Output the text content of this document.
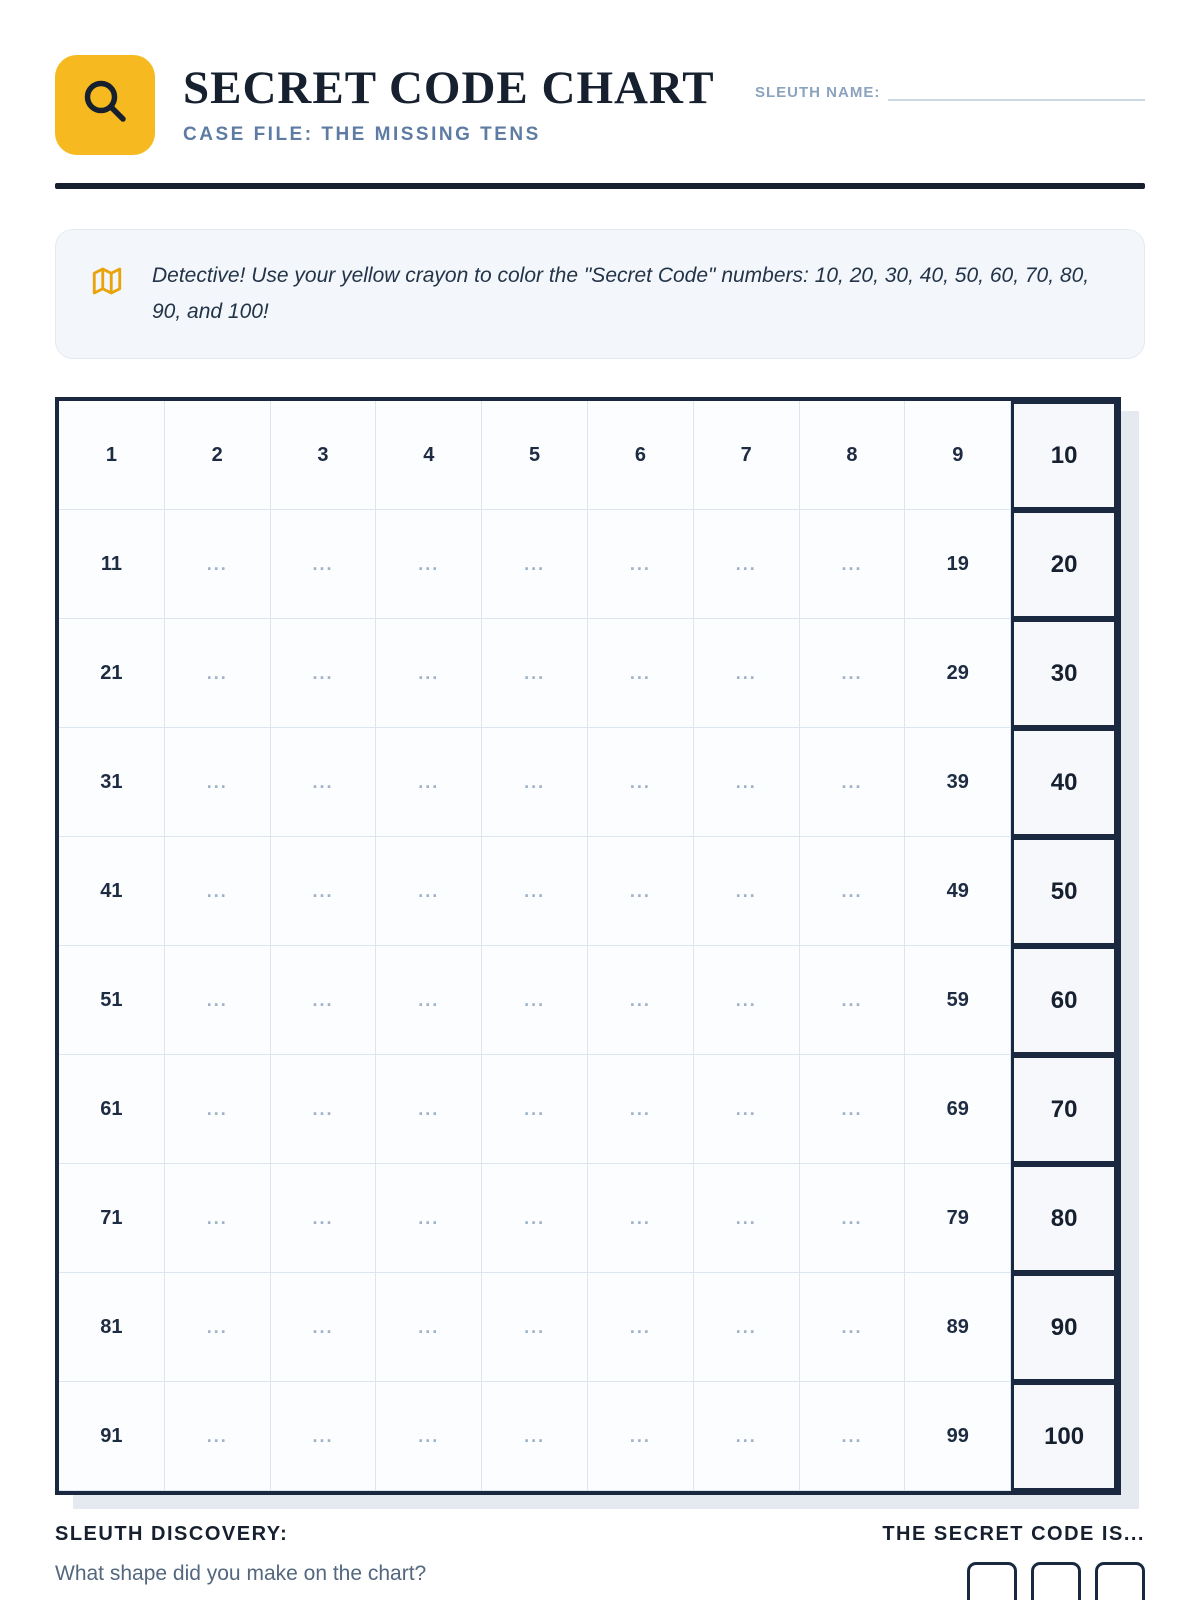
SECRET CODE CHART
CASE FILE: THE MISSING TENS
SLEUTH NAME:
Detective! Use your yellow crayon to color the "Secret Code" numbers: 10, 20, 30, 40, 50, 60, 70, 80, 90, and 100!
1	2	3	4	5	6	7	8	9	10
11	...	...	...	...	...	...	...	19	20
21	...	...	...	...	...	...	...	29	30
31	...	...	...	...	...	...	...	39	40
41	...	...	...	...	...	...	...	49	50
51	...	...	...	...	...	...	...	59	60
61	...	...	...	...	...	...	...	69	70
71	...	...	...	...	...	...	...	79	80
81	...	...	...	...	...	...	...	89	90
91	...	...	...	...	...	...	...	99	100
SLEUTH DISCOVERY:
What shape did you make on the chart?
THE SECRET CODE IS...
